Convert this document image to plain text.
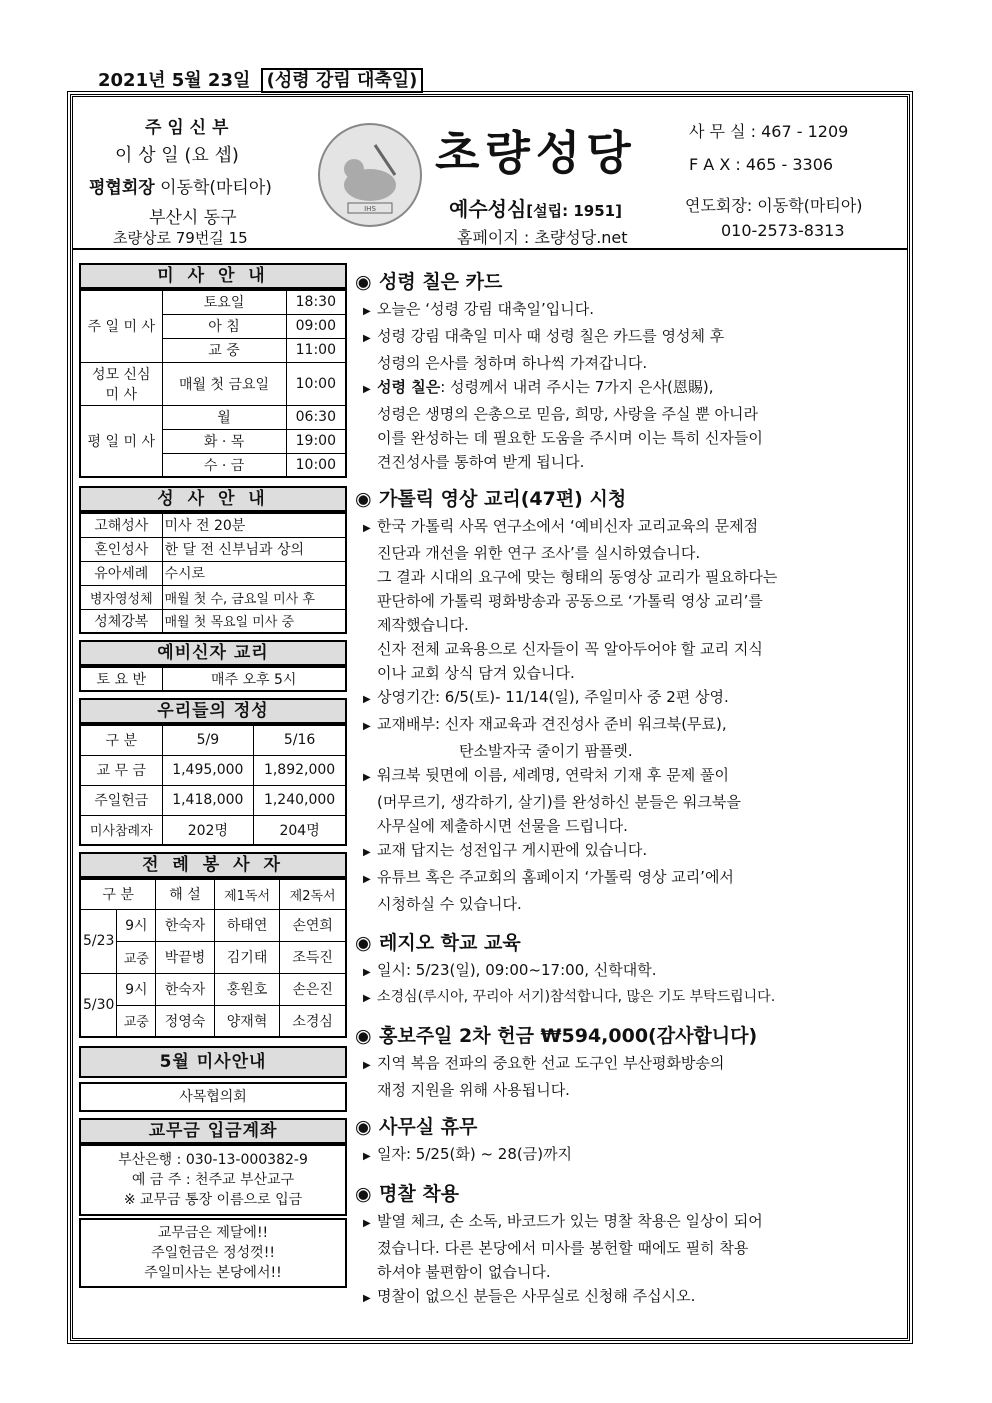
2021년 5월 23일 (성령 강림 대축일)
주 임 신 부
이 상 일 (요 셉)
평협회장 이동학(마티아)
부산시 동구
초량상로 79번길 15
IHS
초량성당
예수성심[설립: 1951]
홈페이지 : 초량성당.net
사 무 실 : 467 - 1209
F A X : 465 - 3306
연도회장: 이동학(마티아)
010-2573-8313
미 사 안 내
주 일 미 사	토요일	18:30
	아 침	09:00
	교 중	11:00
성모 신심 미 사	매월 첫 금요일	10:00
평 일 미 사	월	06:30
	화 · 목	19:00
	수 · 금	10:00
성 사 안 내
고해성사	미사 전 20분
혼인성사	한 달 전 신부님과 상의
유아세례	수시로
병자영성체	매월 첫 수, 금요일 미사 후
성체강복	매월 첫 목요일 미사 중
예비신자 교리
토 요 반	매주 오후 5시
우리들의 정성
구 분	5/9	5/16
교 무 금	1,495,000	1,892,000
주일헌금	1,418,000	1,240,000
미사참례자	202명	204명
전 례 봉 사 자
구 분		해 설	제1독서	제2독서
5/23	9시	한숙자	하태연	손연희
	교중	박끝병	김기태	조득진
5/30	9시	한숙자	홍원호	손은진
	교중	정영숙	양재혁	소경심
5월 미사안내
사목협의회
교무금 입금계좌
부산은행 : 030-13-000382-9
예 금 주 : 천주교 부산교구
※ 교무금 통장 이름으로 입금
교무금은 제달에!!
주일헌금은 정성껏!!
주일미사는 본당에서!!
◉ 성령 칠은 카드
▶ 오늘은 ‘성령 강림 대축일’입니다.
▶ 성령 강림 대축일 미사 때 성령 칠은 카드를 영성체 후
성령의 은사를 청하며 하나씩 가져갑니다.
▶ 성령 칠은: 성령께서 내려 주시는 7가지 은사(恩賜),
성령은 생명의 은총으로 믿음, 희망, 사랑을 주실 뿐 아니라
이를 완성하는 데 필요한 도움을 주시며 이는 특히 신자들이
견진성사를 통하여 받게 됩니다.
◉ 가톨릭 영상 교리(47편) 시청
▶ 한국 가톨릭 사목 연구소에서 ‘예비신자 교리교육의 문제점
진단과 개선을 위한 연구 조사’를 실시하였습니다.
그 결과 시대의 요구에 맞는 형태의 동영상 교리가 필요하다는
판단하에 가톨릭 평화방송과 공동으로 ‘가톨릭 영상 교리’를
제작했습니다.
신자 전체 교육용으로 신자들이 꼭 알아두어야 할 교리 지식
이나 교회 상식 담겨 있습니다.
▶ 상영기간: 6/5(토)- 11/14(일), 주일미사 중 2편 상영.
▶ 교재배부: 신자 재교육과 견진성사 준비 워크북(무료),
탄소발자국 줄이기 팜플렛.
▶ 워크북 뒷면에 이름, 세례명, 연락처 기재 후 문제 풀이
(머무르기, 생각하기, 살기)를 완성하신 분들은 워크북을
사무실에 제출하시면 선물을 드립니다.
▶ 교재 답지는 성전입구 게시판에 있습니다.
▶ 유튜브 혹은 주교회의 홈페이지 ‘가톨릭 영상 교리’에서
시청하실 수 있습니다.
◉ 레지오 학교 교육
▶ 일시: 5/23(일), 09:00~17:00, 신학대학.
▶ 소경심(루시아, 꾸리아 서기)참석합니다, 많은 기도 부탁드립니다.
◉ 홍보주일 2차 헌금 ₩594,000(감사합니다)
▶ 지역 복음 전파의 중요한 선교 도구인 부산평화방송의
재정 지원을 위해 사용됩니다.
◉ 사무실 휴무
▶ 일자: 5/25(화) ~ 28(금)까지
◉ 명찰 착용
▶ 발열 체크, 손 소독, 바코드가 있는 명찰 착용은 일상이 되어
졌습니다. 다른 본당에서 미사를 봉헌할 때에도 필히 착용
하셔야 불편함이 없습니다.
▶ 명찰이 없으신 분들은 사무실로 신청해 주십시오.
